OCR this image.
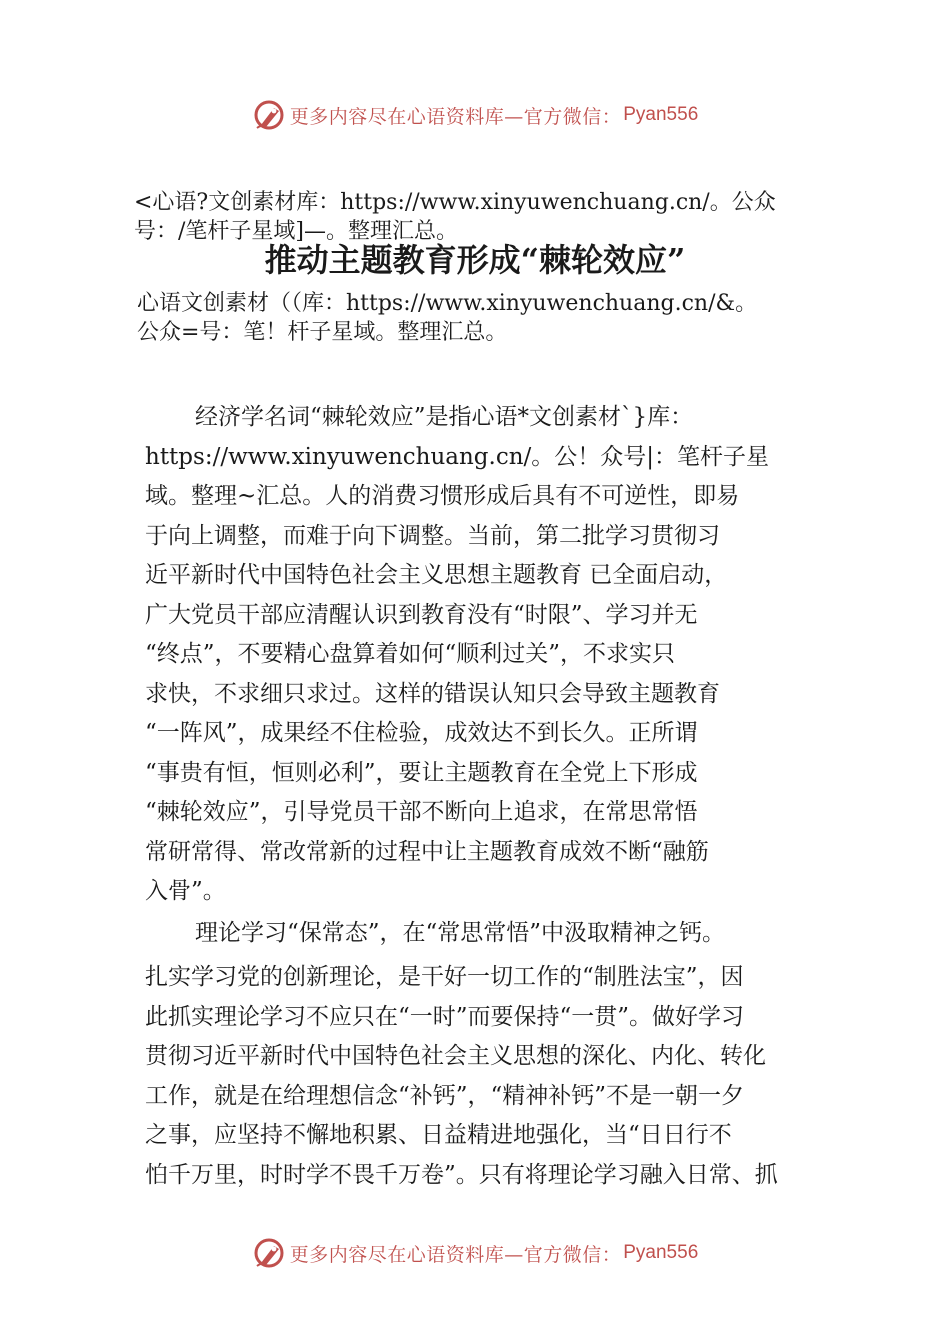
更多内容尽在心语资料库—官方微信： Pyan556
<心语?文创素材库：https://www.xinyuwenchuang.cn/。公众
号：/笔杆子星域]—。整理汇总。
推动主题教育形成“棘轮效应”
心语文创素材（（库：https://www.xinyuwenchuang.cn/&。
公众=号：笔！杆子星域。整理汇总。
经济学名词“棘轮效应”是指心语*文创素材`}库：
https://www.xinyuwenchuang.cn/。公！众号|：笔杆子星
域。整理~汇总。人的消费习惯形成后具有不可逆性，即易
于向上调整，而难于向下调整。当前，第二批学习贯彻习
近平新时代中国特色社会主义思想主题教育 已全面启动，
广大党员干部应清醒认识到教育没有“时限”、学习并无
“终点”，不要精心盘算着如何“顺利过关”，不求实只
求快，不求细只求过。这样的错误认知只会导致主题教育
“一阵风”，成果经不住检验，成效达不到长久。正所谓
“事贵有恒，恒则必利”，要让主题教育在全党上下形成
“棘轮效应”，引导党员干部不断向上追求，在常思常悟
常研常得、常改常新的过程中让主题教育成效不断“融筋
入骨”。
理论学习“保常态”，在“常思常悟”中汲取精神之钙。
扎实学习党的创新理论，是干好一切工作的“制胜法宝”，因
此抓实理论学习不应只在“一时”而要保持“一贯”。做好学习
贯彻习近平新时代中国特色社会主义思想的深化、内化、转化
工作，就是在给理想信念“补钙”，“精神补钙”不是一朝一夕
之事，应坚持不懈地积累、日益精进地强化，当“日日行不
怕千万里，时时学不畏千万卷”。只有将理论学习融入日常、抓
更多内容尽在心语资料库—官方微信： Pyan556
